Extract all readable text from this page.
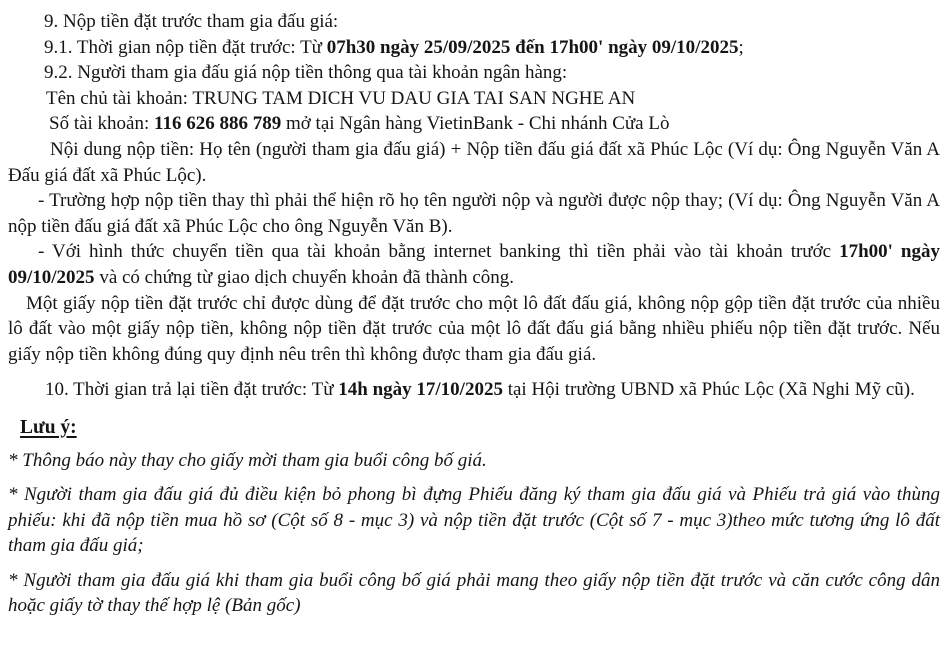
9. Nộp tiền đặt trước tham gia đấu giá:

9.1. Thời gian nộp tiền đặt trước: Từ 07h30 ngày 25/09/2025 đến 17h00' ngày 09/10/2025;

9.2. Người tham gia đấu giá nộp tiền thông qua tài khoản ngân hàng:

Tên chủ tài khoản: TRUNG TAM DICH VU DAU GIA TAI SAN NGHE AN

Số tài khoản: 116 626 886 789 mở tại Ngân hàng VietinBank - Chi nhánh Cửa Lò

Nội dung nộp tiền: Họ tên (người tham gia đấu giá) + Nộp tiền đấu giá đất xã Phúc Lộc (Ví dụ: Ông Nguyễn Văn A Đấu giá đất xã Phúc Lộc).

- Trường hợp nộp tiền thay thì phải thể hiện rõ họ tên người nộp và người được nộp thay; (Ví dụ: Ông Nguyễn Văn A nộp tiền đấu giá đất xã Phúc Lộc cho ông Nguyễn Văn B).

- Với hình thức chuyển tiền qua tài khoản bằng internet banking thì tiền phải vào tài khoản trước 17h00' ngày 09/10/2025 và có chứng từ giao dịch chuyển khoản đã thành công.

Một giấy nộp tiền đặt trước chỉ được dùng để đặt trước cho một lô đất đấu giá, không nộp gộp tiền đặt trước của nhiều lô đất vào một giấy nộp tiền, không nộp tiền đặt trước của một lô đất đấu giá bằng nhiều phiếu nộp tiền đặt trước. Nếu giấy nộp tiền không đúng quy định nêu trên thì không được tham gia đấu giá.

10. Thời gian trả lại tiền đặt trước: Từ 14h ngày 17/10/2025 tại Hội trường UBND xã Phúc Lộc (Xã Nghi Mỹ cũ).

Lưu ý:

* Thông báo này thay cho giấy mời tham gia buổi công bố giá.

* Người tham gia đấu giá đủ điều kiện bỏ phong bì đựng Phiếu đăng ký tham gia đấu giá và Phiếu trả giá vào thùng phiếu: khi đã nộp tiền mua hồ sơ (Cột số 8 - mục 3) và nộp tiền đặt trước (Cột số 7 - mục 3)theo mức tương ứng lô đất tham gia đấu giá;

* Người tham gia đấu giá khi tham gia buổi công bố giá phải mang theo giấy nộp tiền đặt trước và căn cước công dân hoặc giấy tờ thay thế hợp lệ (Bản gốc)
